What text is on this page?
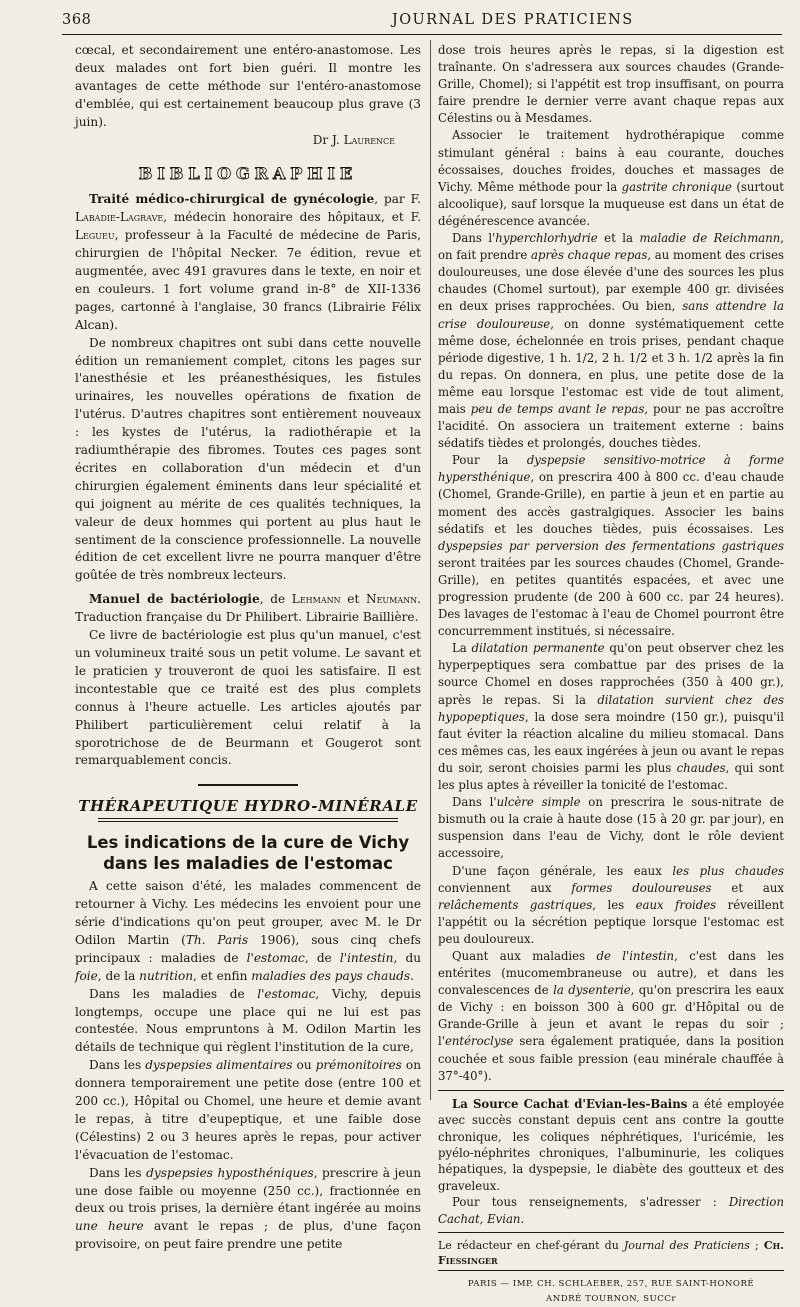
368	JOURNAL DES PRATICIENS

cœcal, et secondairement une entéro-anastomose. Les deux malades ont fort bien guéri. Il montre les avantages de cette méthode sur l'entéro-anastomose d'emblée, qui est certainement beaucoup plus grave (3 juin).

Dr J. Laurence
BIBLIOGRAPHIE

Traité médico-chirurgical de gynécologie, par F. Labadie-Lagrave, médecin honoraire des hôpitaux, et F. Legueu, professeur à la Faculté de médecine de Paris, chirurgien de l'hôpital Necker. 7e édition, revue et augmentée, avec 491 gravures dans le texte, en noir et en couleurs. 1 fort volume grand in-8° de XII-1336 pages, cartonné à l'anglaise, 30 francs (Librairie Félix Alcan).

De nombreux chapitres ont subi dans cette nouvelle édition un remaniement complet, citons les pages sur l'anesthésie et les préanesthésiques, les fistules urinaires, les nouvelles opérations de fixation de l'utérus. D'autres chapitres sont entièrement nouveaux : les kystes de l'utérus, la radiothérapie et la radiumthérapie des fibromes. Toutes ces pages sont écrites en collaboration d'un médecin et d'un chirurgien également éminents dans leur spécialité et qui joignent au mérite de ces qualités techniques, la valeur de deux hommes qui portent au plus haut le sentiment de la conscience professionnelle. La nouvelle édition de cet excellent livre ne pourra manquer d'être goûtée de très nombreux lecteurs.

Manuel de bactériologie, de Lehmann et Neumann. Traduction française du Dr Philibert. Librairie Baillière.

Ce livre de bactériologie est plus qu'un manuel, c'est un volumineux traité sous un petit volume. Le savant et le praticien y trouveront de quoi les satisfaire. Il est incontestable que ce traité est des plus complets connus à l'heure actuelle. Les articles ajoutés par Philibert particulièrement celui relatif à la sporotrichose de de Beurmann et Gougerot sont remarquablement concis.

THÉRAPEUTIQUE HYDRO-MINÉRALE
Les indications de la cure de Vichy
dans les maladies de l'estomac

A cette saison d'été, les malades commencent de retourner à Vichy. Les médecins les envoient pour une série d'indications qu'on peut grouper, avec M. le Dr Odilon Martin (Th. Paris 1906), sous cinq chefs principaux : maladies de l'estomac, de l'intestin, du foie, de la nutrition, et enfin maladies des pays chauds.

Dans les maladies de l'estomac, Vichy, depuis longtemps, occupe une place qui ne lui est pas contestée. Nous empruntons à M. Odilon Martin les détails de technique qui règlent l'institution de la cure,

Dans les dyspepsies alimentaires ou prémonitoires on donnera temporairement une petite dose (entre 100 et 200 cc.), Hôpital ou Chomel, une heure et demie avant le repas, à titre d'eupeptique, et une faible dose (Célestins) 2 ou 3 heures après le repas, pour activer l'évacuation de l'estomac.

Dans les dyspepsies hyposthéniques, prescrire à jeun une dose faible ou moyenne (250 cc.), fractionnée en deux ou trois prises, la dernière étant ingérée au moins une heure avant le repas ; de plus, d'une façon provisoire, on peut faire prendre une petite

dose trois heures après le repas, si la digestion est traînante. On s'adressera aux sources chaudes (Grande-Grille, Chomel); si l'appétit est trop insuffisant, on pourra faire prendre le dernier verre avant chaque repas aux Célestins ou à Mesdames.

Associer le traitement hydrothérapique comme stimulant général : bains à eau courante, douches écossaises, douches froides, douches et massages de Vichy. Même méthode pour la gastrite chronique (surtout alcoolique), sauf lorsque la muqueuse est dans un état de dégénérescence avancée.

Dans l'hyperchlorhydrie et la maladie de Reichmann, on fait prendre après chaque repas, au moment des crises douloureuses, une dose élevée d'une des sources les plus chaudes (Chomel surtout), par exemple 400 gr. divisées en deux prises rapprochées. Ou bien, sans attendre la crise douloureuse, on donne systématiquement cette même dose, échelonnée en trois prises, pendant chaque période digestive, 1 h. 1/2, 2 h. 1/2 et 3 h. 1/2 après la fin du repas. On donnera, en plus, une petite dose de la même eau lorsque l'estomac est vide de tout aliment, mais peu de temps avant le repas, pour ne pas accroître l'acidité. On associera un traitement externe : bains sédatifs tièdes et prolongés, douches tièdes.

Pour la dyspepsie sensitivo-motrice à forme hypersthénique, on prescrira 400 à 800 cc. d'eau chaude (Chomel, Grande-Grille), en partie à jeun et en partie au moment des accès gastralgiques. Associer les bains sédatifs et les douches tièdes, puis écossaises. Les dyspepsies par perversion des fermentations gastriques seront traitées par les sources chaudes (Chomel, Grande-Grille), en petites quantités espacées, et avec une progression prudente (de 200 à 600 cc. par 24 heures). Des lavages de l'estomac à l'eau de Chomel pourront être concurremment institués, si nécessaire.

La dilatation permanente qu'on peut observer chez les hyperpeptiques sera combattue par des prises de la source Chomel en doses rapprochées (350 à 400 gr.), après le repas. Si la dilatation survient chez des hypopeptiques, la dose sera moindre (150 gr.), puisqu'il faut éviter la réaction alcaline du milieu stomacal. Dans ces mêmes cas, les eaux ingérées à jeun ou avant le repas du soir, seront choisies parmi les plus chaudes, qui sont les plus aptes à réveiller la tonicité de l'estomac.

Dans l'ulcère simple on prescrira le sous-nitrate de bismuth ou la craie à haute dose (15 à 20 gr. par jour), en suspension dans l'eau de Vichy, dont le rôle devient accessoire,

D'une façon générale, les eaux les plus chaudes conviennent aux formes douloureuses et aux relâchements gastriques, les eaux froides réveillent l'appétit ou la sécrétion peptique lorsque l'estomac est peu douloureux.

Quant aux maladies de l'intestin, c'est dans les entérites (mucomembraneuse ou autre), et dans les convalescences de la dysenterie, qu'on prescrira les eaux de Vichy : en boisson 300 à 600 gr. d'Hôpital ou de Grande-Grille à jeun et avant le repas du soir ; l'entéroclyse sera également pratiquée, dans la position couchée et sous faible pression (eau minérale chauffée à 37°-40°).

La Source Cachat d'Evian-les-Bains a été employée avec succès constant depuis cent ans contre la goutte chronique, les coliques néphrétiques, l'uricémie, les pyélo-néphrites chroniques, l'albuminurie, les coliques hépatiques, la dyspepsie, le diabète des goutteux et des graveleux.

Pour tous renseignements, s'adresser : Direction Cachat, Evian.

Le rédacteur en chef-gérant du Journal des Praticiens ; Ch. Fiessinger
PARIS — IMP. CH. SCHLAEBER, 257, RUE SAINT-HONORÉ
ANDRÉ TOURNON, SUCCr
